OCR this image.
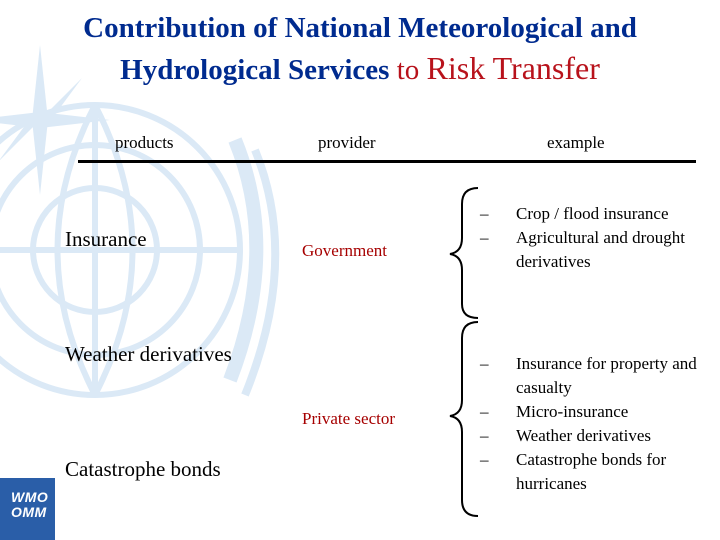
Contribution of National Meteorological and
Hydrological Services to Risk Transfer
products	provider	example
Insurance
Weather derivatives
Catastrophe bonds
Government
Private sector
– Crop / flood insurance
– Agricultural and drought derivatives
– Insurance for property and casualty
– Micro-insurance
– Weather derivatives
– Catastrophe bonds for hurricanes
WMO
OMM
